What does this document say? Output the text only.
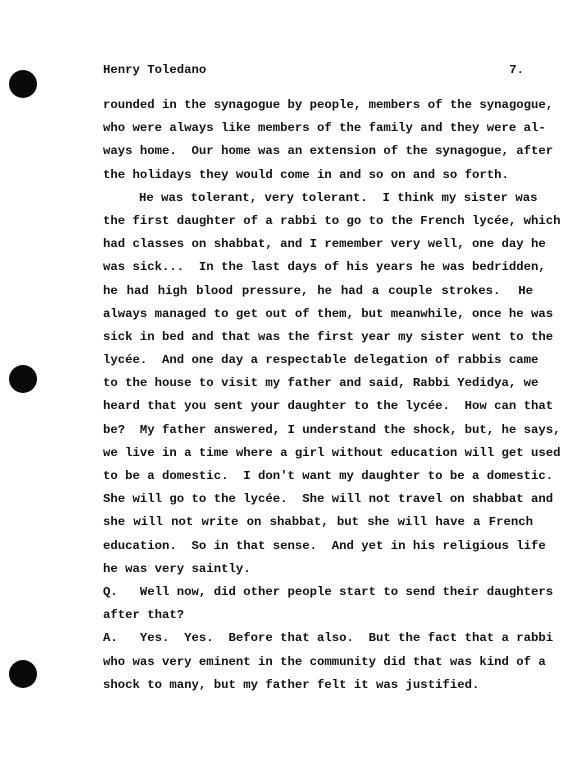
Henry Toledano	7.
rounded in the synagogue by people, members of the synagogue,
who were always like members of the family and they were al-
ways home.  Our home was an extension of the synagogue, after
the holidays they would come in and so on and so forth.
He was tolerant, very tolerant.  I think my sister was
the first daughter of a rabbi to go to the French lycée, which
had classes on shabbat, and I remember very well, one day he
was sick...  In the last days of his years he was bedridden,
he had high blood pressure, he had a couple strokes.  He
always managed to get out of them, but meanwhile, once he was
sick in bed and that was the first year my sister went to the
lycée.  And one day a respectable delegation of rabbis came
to the house to visit my father and said, Rabbi Yedidya, we
heard that you sent your daughter to the lycée.  How can that
be?  My father answered, I understand the shock, but, he says,
we live in a time where a girl without education will get used
to be a domestic.  I don't want my daughter to be a domestic.
She will go to the lycée.  She will not travel on shabbat and
she will not write on shabbat, but she will have a French
education.  So in that sense.  And yet in his religious life
he was very saintly.
Q.   Well now, did other people start to send their daughters
after that?
A.   Yes.  Yes.  Before that also.  But the fact that a rabbi
who was very eminent in the community did that was kind of a
shock to many, but my father felt it was justified.
